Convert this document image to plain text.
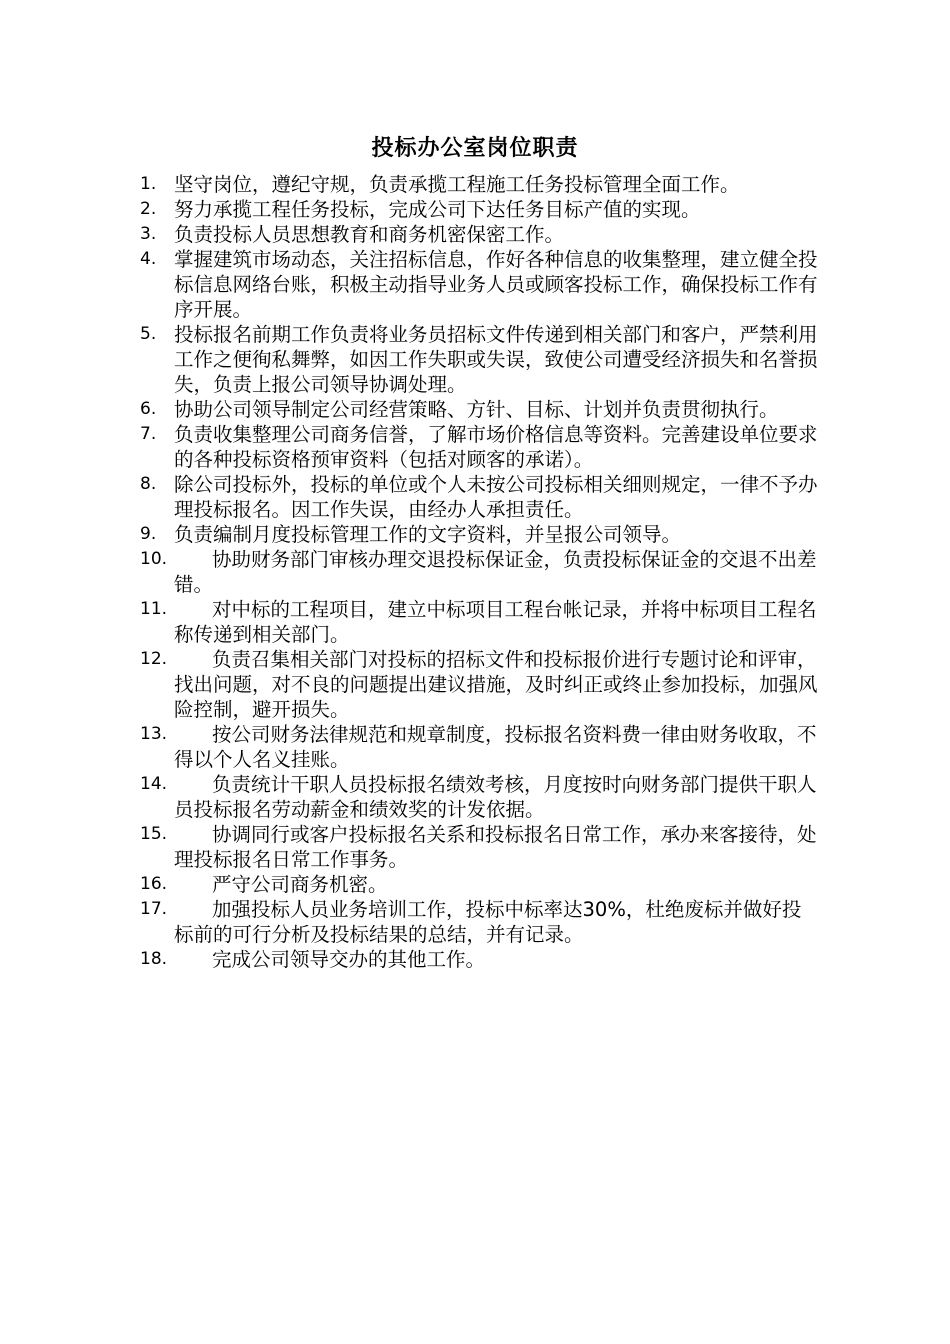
投标办公室岗位职责
1. 坚守岗位，遵纪守规，负责承揽工程施工任务投标管理全面工作。
2. 努力承揽工程任务投标，完成公司下达任务目标产值的实现。
3. 负责投标人员思想教育和商务机密保密工作。
4. 掌握建筑市场动态，关注招标信息，作好各种信息的收集整理，建立健全投标信息网络台账，积极主动指导业务人员或顾客投标工作，确保投标工作有序开展。
5. 投标报名前期工作负责将业务员招标文件传递到相关部门和客户，严禁利用工作之便徇私舞弊，如因工作失职或失误，致使公司遭受经济损失和名誉损失，负责上报公司领导协调处理。
6. 协助公司领导制定公司经营策略、方针、目标、计划并负责贯彻执行。
7. 负责收集整理公司商务信誉，了解市场价格信息等资料。完善建设单位要求的各种投标资格预审资料（包括对顾客的承诺）。
8. 除公司投标外，投标的单位或个人未按公司投标相关细则规定，一律不予办理投标报名。因工作失误，由经办人承担责任。
9. 负责编制月度投标管理工作的文字资料，并呈报公司领导。
10.	协助财务部门审核办理交退投标保证金，负责投标保证金的交退不出差错。
11.	对中标的工程项目，建立中标项目工程台帐记录，并将中标项目工程名称传递到相关部门。
12.	负责召集相关部门对投标的招标文件和投标报价进行专题讨论和评审，找出问题，对不良的问题提出建议措施，及时纠正或终止参加投标，加强风险控制，避开损失。
13.	按公司财务法律规范和规章制度，投标报名资料费一律由财务收取，不得以个人名义挂账。
14.	负责统计干职人员投标报名绩效考核，月度按时向财务部门提供干职人员投标报名劳动薪金和绩效奖的计发依据。
15.	协调同行或客户投标报名关系和投标报名日常工作，承办来客接待，处理投标报名日常工作事务。
16.	严守公司商务机密。
17.	加强投标人员业务培训工作，投标中标率达30%，杜绝废标并做好投标前的可行分析及投标结果的总结，并有记录。
18.	完成公司领导交办的其他工作。
